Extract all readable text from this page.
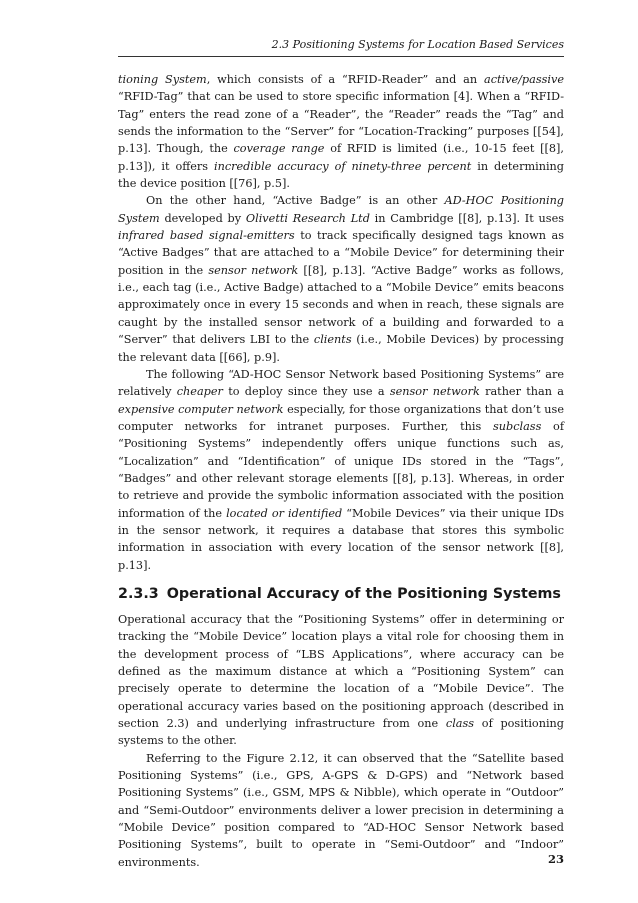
2.3 Positioning Systems for Location Based Services

tioning System, which consists of a “RFID-Reader” and an active/passive “RFID-Tag” that can be used to store specific information [4]. When a “RFID-Tag” enters the read zone of a “Reader”, the “Reader” reads the “Tag” and sends the information to the “Server” for “Location-Tracking” purposes [[54], p.13]. Though, the coverage range of RFID is limited (i.e., 10-15 feet [[8], p.13]), it offers incredible accuracy of ninety-three percent in determining the device position [[76], p.5].

On the other hand, “Active Badge” is an other AD-HOC Positioning System developed by Olivetti Research Ltd in Cambridge [[8], p.13]. It uses infrared based signal-emitters to track specifically designed tags known as “Active Badges” that are attached to a “Mobile Device” for determining their position in the sensor network [[8], p.13]. “Active Badge” works as follows, i.e., each tag (i.e., Active Badge) attached to a “Mobile Device” emits beacons approximately once in every 15 seconds and when in reach, these signals are caught by the installed sensor network of a building and forwarded to a “Server” that delivers LBI to the clients (i.e., Mobile Devices) by processing the relevant data [[66], p.9].

The following “AD-HOC Sensor Network based Positioning Systems” are relatively cheaper to deploy since they use a sensor network rather than a expensive computer network especially, for those organizations that don’t use computer networks for intranet purposes. Further, this subclass of “Positioning Systems” independently offers unique functions such as, “Localization” and “Identification” of unique IDs stored in the “Tags”, “Badges” and other relevant storage elements [[8], p.13]. Whereas, in order to retrieve and provide the symbolic information associated with the position information of the located or identified “Mobile Devices” via their unique IDs in the sensor network, it requires a database that stores this symbolic information in association with every location of the sensor network [[8], p.13].

2.3.3 Operational Accuracy of the Positioning Systems

Operational accuracy that the “Positioning Systems” offer in determining or tracking the “Mobile Device” location plays a vital role for choosing them in the development process of “LBS Applications”, where accuracy can be defined as the maximum distance at which a “Positioning System” can precisely operate to determine the location of a “Mobile Device”. The operational accuracy varies based on the positioning approach (described in section 2.3) and underlying infrastructure from one class of positioning systems to the other.

Referring to the Figure 2.12, it can observed that the “Satellite based Positioning Systems” (i.e., GPS, A-GPS & D-GPS) and “Network based Positioning Systems” (i.e., GSM, MPS & Nibble), which operate in “Outdoor” and “Semi-Outdoor” environments deliver a lower precision in determining a “Mobile Device” position compared to “AD-HOC Sensor Network based Positioning Systems”, built to operate in “Semi-Outdoor” and “Indoor” environments.	23
